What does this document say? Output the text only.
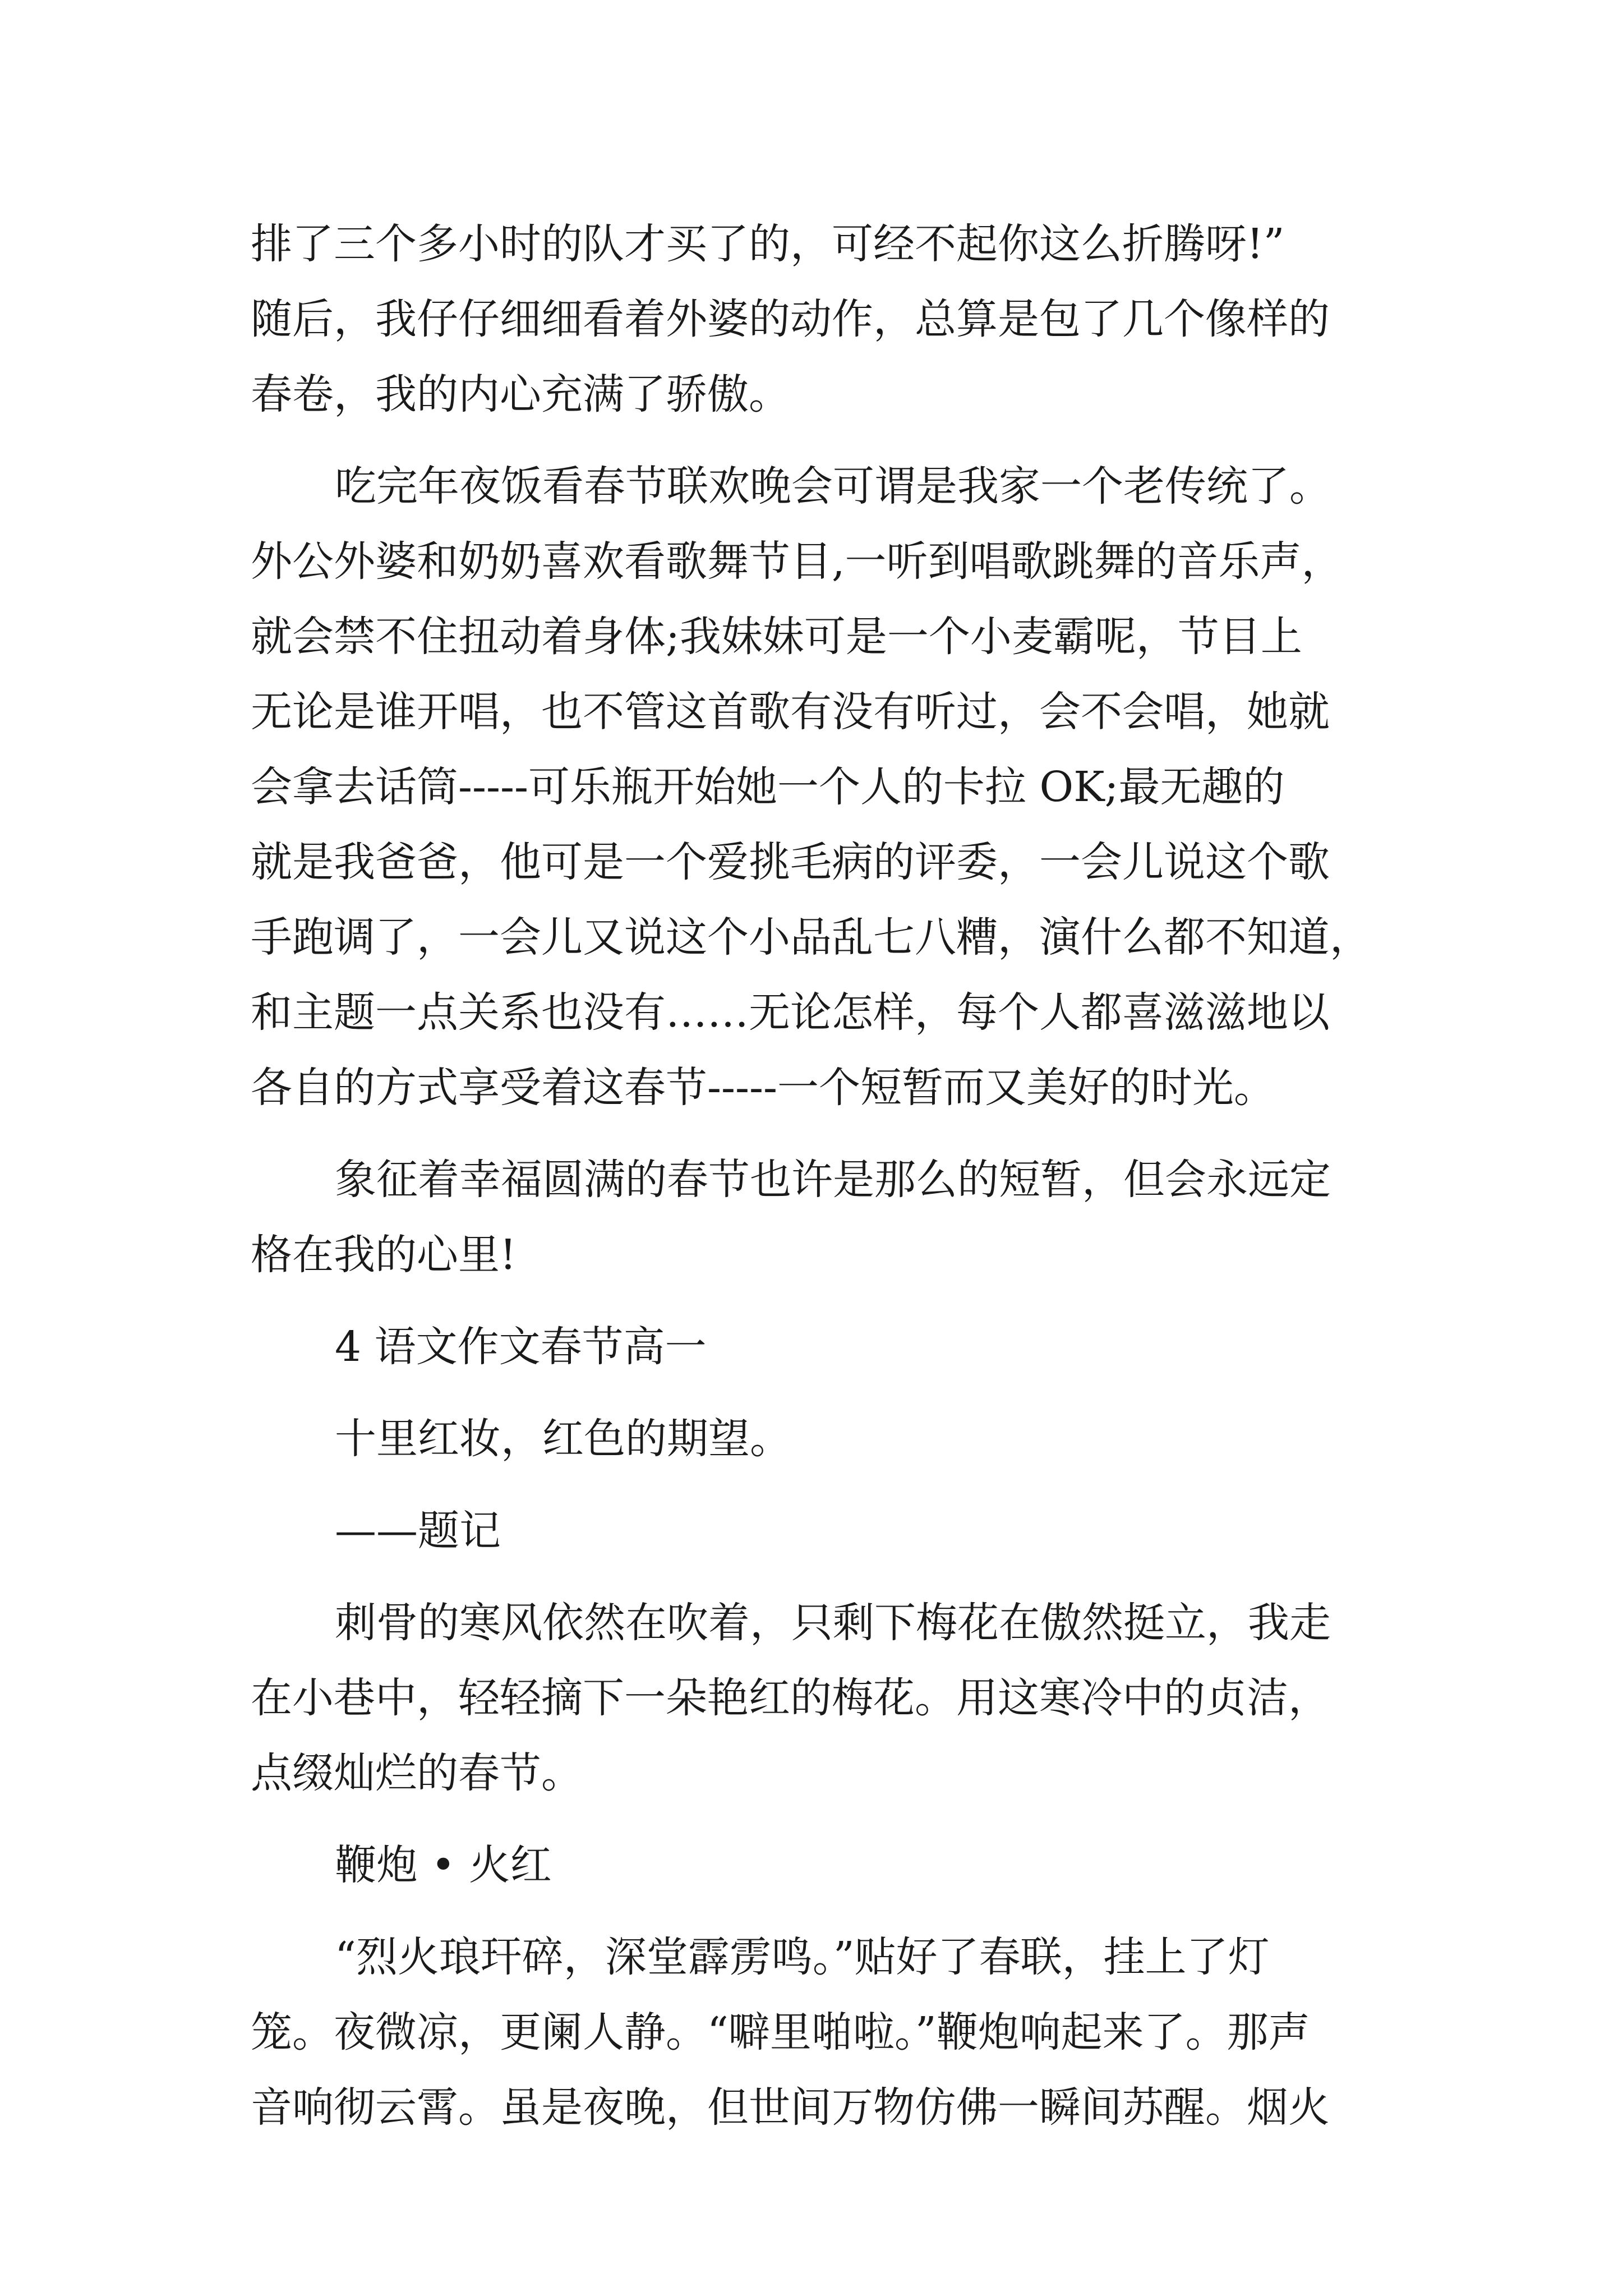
排了三个多小时的队才买了的，可经不起你这么折腾呀!”
随后，我仔仔细细看着外婆的动作，总算是包了几个像样的
春卷，我的内心充满了骄傲。
吃完年夜饭看春节联欢晚会可谓是我家一个老传统了。
外公外婆和奶奶喜欢看歌舞节目,一听到唱歌跳舞的音乐声，
就会禁不住扭动着身体;我妹妹可是一个小麦霸呢，节目上
无论是谁开唱，也不管这首歌有没有听过，会不会唱，她就
会拿去话筒-----可乐瓶开始她一个人的卡拉 OK;最无趣的
就是我爸爸，他可是一个爱挑毛病的评委，一会儿说这个歌
手跑调了，一会儿又说这个小品乱七八糟，演什么都不知道，
和主题一点关系也没有……无论怎样，每个人都喜滋滋地以
各自的方式享受着这春节-----一个短暂而又美好的时光。
象征着幸福圆满的春节也许是那么的短暂，但会永远定
格在我的心里!
4 语文作文春节高一
十里红妆，红色的期望。
——题记
刺骨的寒风依然在吹着，只剩下梅花在傲然挺立，我走
在小巷中，轻轻摘下一朵艳红的梅花。用这寒冷中的贞洁，
点缀灿烂的春节。
鞭炮 • 火红
“烈火琅玕碎，深堂霹雳鸣。”贴好了春联，挂上了灯
笼。夜微凉，更阑人静。“噼里啪啦。”鞭炮响起来了。那声
音响彻云霄。虽是夜晚，但世间万物仿佛一瞬间苏醒。烟火
